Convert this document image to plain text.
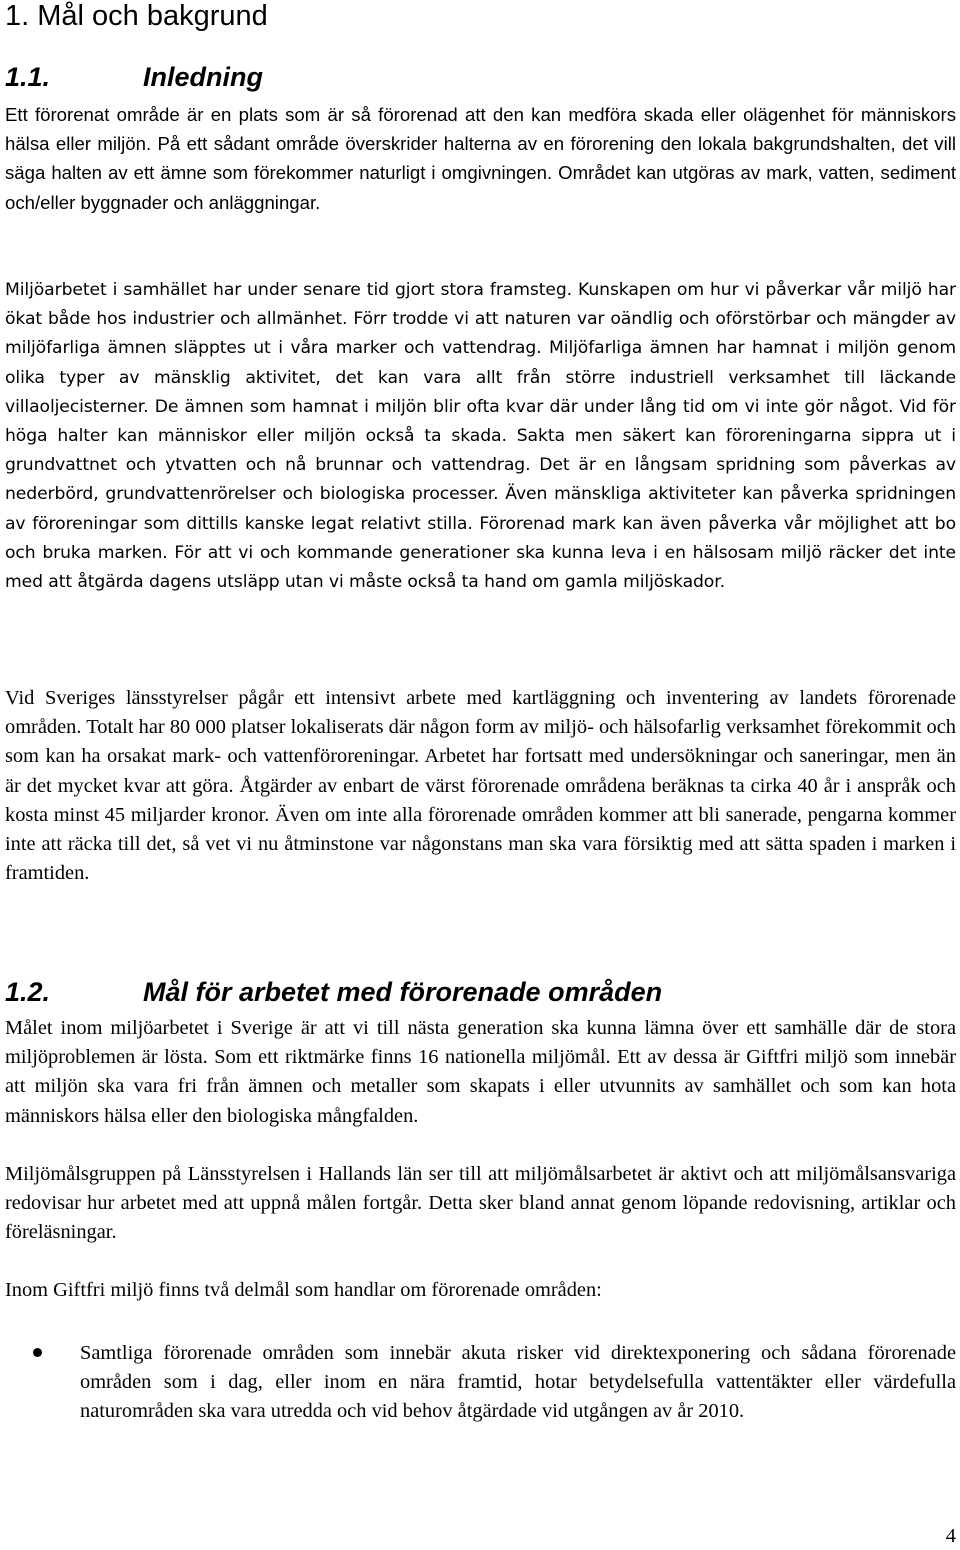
1. Mål och bakgrund
1.1.	Inledning

Ett förorenat område är en plats som är så förorenad att den kan medföra skada eller olägenhet för människors hälsa eller miljön. På ett sådant område överskrider halterna av en förorening den lokala bakgrundshalten, det vill säga halten av ett ämne som förekommer naturligt i omgivningen. Området kan utgöras av mark, vatten, sediment och/eller byggnader och anläggningar.

Miljöarbetet i samhället har under senare tid gjort stora framsteg. Kunskapen om hur vi påverkar vår miljö har ökat både hos industrier och allmänhet. Förr trodde vi att naturen var oändlig och oförstörbar och mängder av miljöfarliga ämnen släpptes ut i våra marker och vattendrag. Miljöfarliga ämnen har hamnat i miljön genom olika typer av mänsklig aktivitet, det kan vara allt från större industriell verksamhet till läckande villaoljecisterner. De ämnen som hamnat i miljön blir ofta kvar där under lång tid om vi inte gör något. Vid för höga halter kan människor eller miljön också ta skada. Sakta men säkert kan föroreningarna sippra ut i grundvattnet och ytvatten och nå brunnar och vattendrag. Det är en långsam spridning som påverkas av nederbörd, grundvattenrörelser och biologiska processer. Även mänskliga aktiviteter kan påverka spridningen av föroreningar som dittills kanske legat relativt stilla. Förorenad mark kan även påverka vår möjlighet att bo och bruka marken. För att vi och kommande generationer ska kunna leva i en hälsosam miljö räcker det inte med att åtgärda dagens utsläpp utan vi måste också ta hand om gamla miljöskador.

Vid Sveriges länsstyrelser pågår ett intensivt arbete med kartläggning och inventering av landets förorenade områden. Totalt har 80 000 platser lokaliserats där någon form av miljö- och hälsofarlig verksamhet förekommit och som kan ha orsakat mark- och vattenföroreningar. Arbetet har fortsatt med undersökningar och saneringar, men än är det mycket kvar att göra. Åtgärder av enbart de värst förorenade områdena beräknas ta cirka 40 år i anspråk och kosta minst 45 miljarder kronor. Även om inte alla förorenade områden kommer att bli sanerade, pengarna kommer inte att räcka till det, så vet vi nu åtminstone var någonstans man ska vara försiktig med att sätta spaden i marken i framtiden.

1.2.	Mål för arbetet med förorenade områden

Målet inom miljöarbetet i Sverige är att vi till nästa generation ska kunna lämna över ett samhälle där de stora miljöproblemen är lösta. Som ett riktmärke finns 16 nationella miljömål. Ett av dessa är Giftfri miljö som innebär att miljön ska vara fri från ämnen och metaller som skapats i eller utvunnits av samhället och som kan hota människors hälsa eller den biologiska mångfalden.

Miljömålsgruppen på Länsstyrelsen i Hallands län ser till att miljömålsarbetet är aktivt och att miljömålsansvariga redovisar hur arbetet med att uppnå målen fortgår. Detta sker bland annat genom löpande redovisning, artiklar och föreläsningar.

Inom Giftfri miljö finns två delmål som handlar om förorenade områden:

Samtliga förorenade områden som innebär akuta risker vid direktexponering och sådana förorenade områden som i dag, eller inom en nära framtid, hotar betydelsefulla vattentäkter eller värdefulla naturområden ska vara utredda och vid behov åtgärdade vid utgången av år 2010.

4
